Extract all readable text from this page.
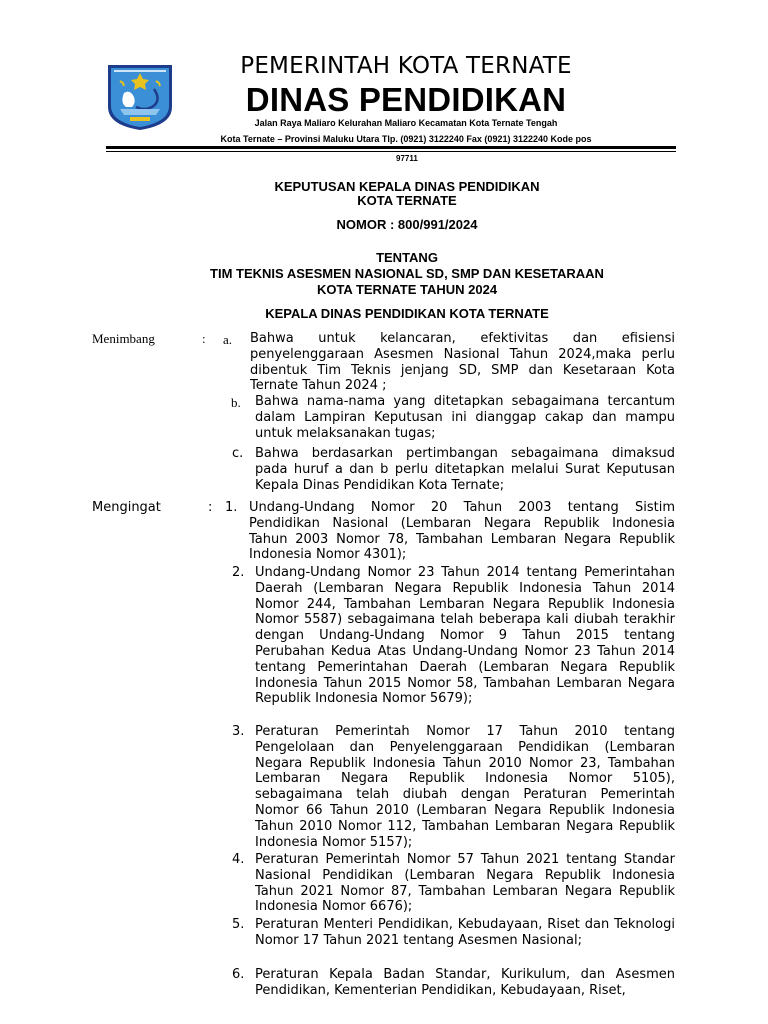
PEMERINTAH KOTA TERNATE
DINAS PENDIDIKAN
Jalan Raya Maliaro Kelurahan Maliaro Kecamatan Kota Ternate Tengah
Kota Ternate – Provinsi Maluku Utara Tlp. (0921) 3122240 Fax (0921) 3122240 Kode pos
97711
KEPUTUSAN KEPALA DINAS PENDIDIKAN
KOTA TERNATE
NOMOR : 800/991/2024
TENTANG
TIM TEKNIS ASESMEN NASIONAL SD, SMP DAN KESETARAAN
KOTA TERNATE TAHUN 2024
KEPALA DINAS PENDIDIKAN KOTA TERNATE
Menimbang	: a. Bahwa untuk kelancaran, efektivitas dan efisiensi penyelenggaraan Asesmen Nasional Tahun 2024,maka perlu dibentuk Tim Teknis jenjang SD, SMP dan Kesetaraan Kota Ternate Tahun 2024 ;

b. Bahwa nama-nama yang ditetapkan sebagaimana tercantum dalam Lampiran Keputusan ini dianggap cakap dan mampu untuk melaksanakan tugas;

c. Bahwa berdasarkan pertimbangan sebagaimana dimaksud pada huruf a dan b perlu ditetapkan melalui Surat Keputusan Kepala Dinas Pendidikan Kota Ternate;

Mengingat	: 1. Undang-Undang Nomor 20 Tahun 2003 tentang Sistim Pendidikan Nasional (Lembaran Negara Republik Indonesia Tahun 2003 Nomor 78, Tambahan Lembaran Negara Republik Indonesia Nomor 4301);

2. Undang-Undang Nomor 23 Tahun 2014 tentang Pemerintahan Daerah (Lembaran Negara Republik Indonesia Tahun 2014 Nomor 244, Tambahan Lembaran Negara Republik Indonesia Nomor 5587) sebagaimana telah beberapa kali diubah terakhir dengan Undang-Undang Nomor 9 Tahun 2015 tentang Perubahan Kedua Atas Undang-Undang Nomor 23 Tahun 2014 tentang Pemerintahan Daerah (Lembaran Negara Republik Indonesia Tahun 2015 Nomor 58, Tambahan Lembaran Negara Republik Indonesia Nomor 5679);

3. Peraturan Pemerintah Nomor 17 Tahun 2010 tentang Pengelolaan dan Penyelenggaraan Pendidikan (Lembaran Negara Republik Indonesia Tahun 2010 Nomor 23, Tambahan Lembaran Negara Republik Indonesia Nomor 5105), sebagaimana telah diubah dengan Peraturan Pemerintah Nomor 66 Tahun 2010 (Lembaran Negara Republik Indonesia Tahun 2010 Nomor 112, Tambahan Lembaran Negara Republik Indonesia Nomor 5157);

4. Peraturan Pemerintah Nomor 57 Tahun 2021 tentang Standar Nasional Pendidikan (Lembaran Negara Republik Indonesia Tahun 2021 Nomor 87, Tambahan Lembaran Negara Republik Indonesia Nomor 6676);

5. Peraturan Menteri Pendidikan, Kebudayaan, Riset dan Teknologi Nomor 17 Tahun 2021 tentang Asesmen Nasional;

6. Peraturan Kepala Badan Standar, Kurikulum, dan Asesmen Pendidikan, Kementerian Pendidikan, Kebudayaan, Riset,
